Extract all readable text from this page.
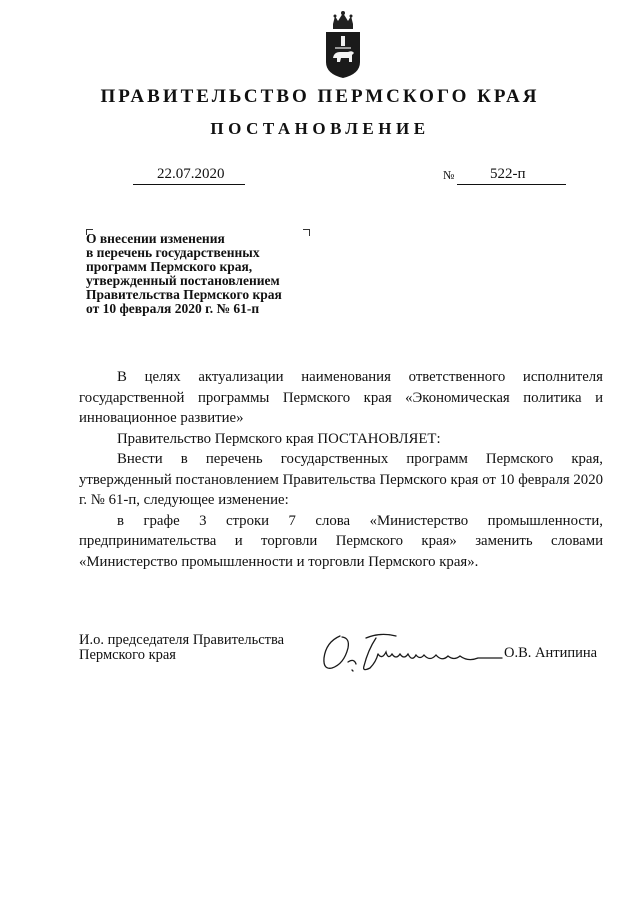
ПРАВИТЕЛЬСТВО ПЕРМСКОГО КРАЯ
ПОСТАНОВЛЕНИЕ
22.07.2020	№ 522-п
О внесении изменения
в перечень государственных
программ Пермского края,
утвержденный постановлением
Правительства Пермского края
от 10 февраля 2020 г. № 61-п

В целях актуализации наименования ответственного исполнителя государственной программы Пермского края «Экономическая политика и инновационное развитие»

Правительство Пермского края ПОСТАНОВЛЯЕТ:

Внести в перечень государственных программ Пермского края, утвержденный постановлением Правительства Пермского края от 10 февраля 2020 г. № 61-п, следующее изменение:

в графе 3 строки 7 слова «Министерство промышленности, предпринимательства и торговли Пермского края» заменить словами «Министерство промышленности и торговли Пермского края».

И.о. председателя Правительства
Пермского края	О.В. Антипина
